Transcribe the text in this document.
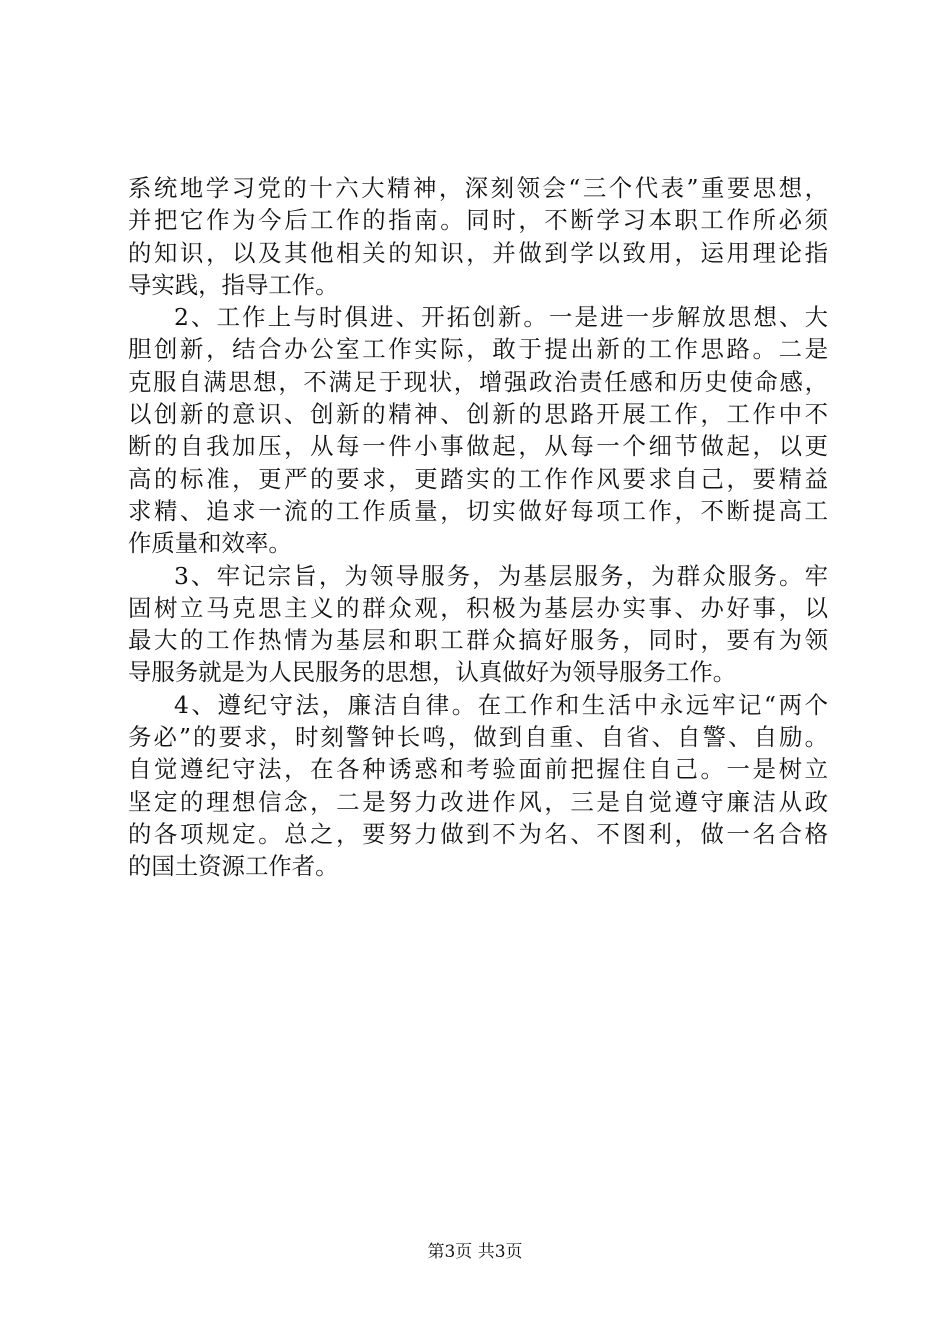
系统地学习党的十六大精神，深刻领会“三个代表”重要思想，
并把它作为今后工作的指南。同时，不断学习本职工作所必须
的知识，以及其他相关的知识，并做到学以致用，运用理论指
导实践，指导工作。
2、工作上与时俱进、开拓创新。一是进一步解放思想、大
胆创新，结合办公室工作实际，敢于提出新的工作思路。二是
克服自满思想，不满足于现状，增强政治责任感和历史使命感，
以创新的意识、创新的精神、创新的思路开展工作，工作中不
断的自我加压，从每一件小事做起，从每一个细节做起，以更
高的标准，更严的要求，更踏实的工作作风要求自己，要精益
求精、追求一流的工作质量，切实做好每项工作，不断提高工
作质量和效率。
3、牢记宗旨，为领导服务，为基层服务，为群众服务。牢
固树立马克思主义的群众观，积极为基层办实事、办好事，以
最大的工作热情为基层和职工群众搞好服务，同时，要有为领
导服务就是为人民服务的思想，认真做好为领导服务工作。
4、遵纪守法，廉洁自律。在工作和生活中永远牢记“两个
务必”的要求，时刻警钟长鸣，做到自重、自省、自警、自励。
自觉遵纪守法，在各种诱惑和考验面前把握住自己。一是树立
坚定的理想信念，二是努力改进作风，三是自觉遵守廉洁从政
的各项规定。总之，要努力做到不为名、不图利，做一名合格
的国土资源工作者。
第3页 共3页
